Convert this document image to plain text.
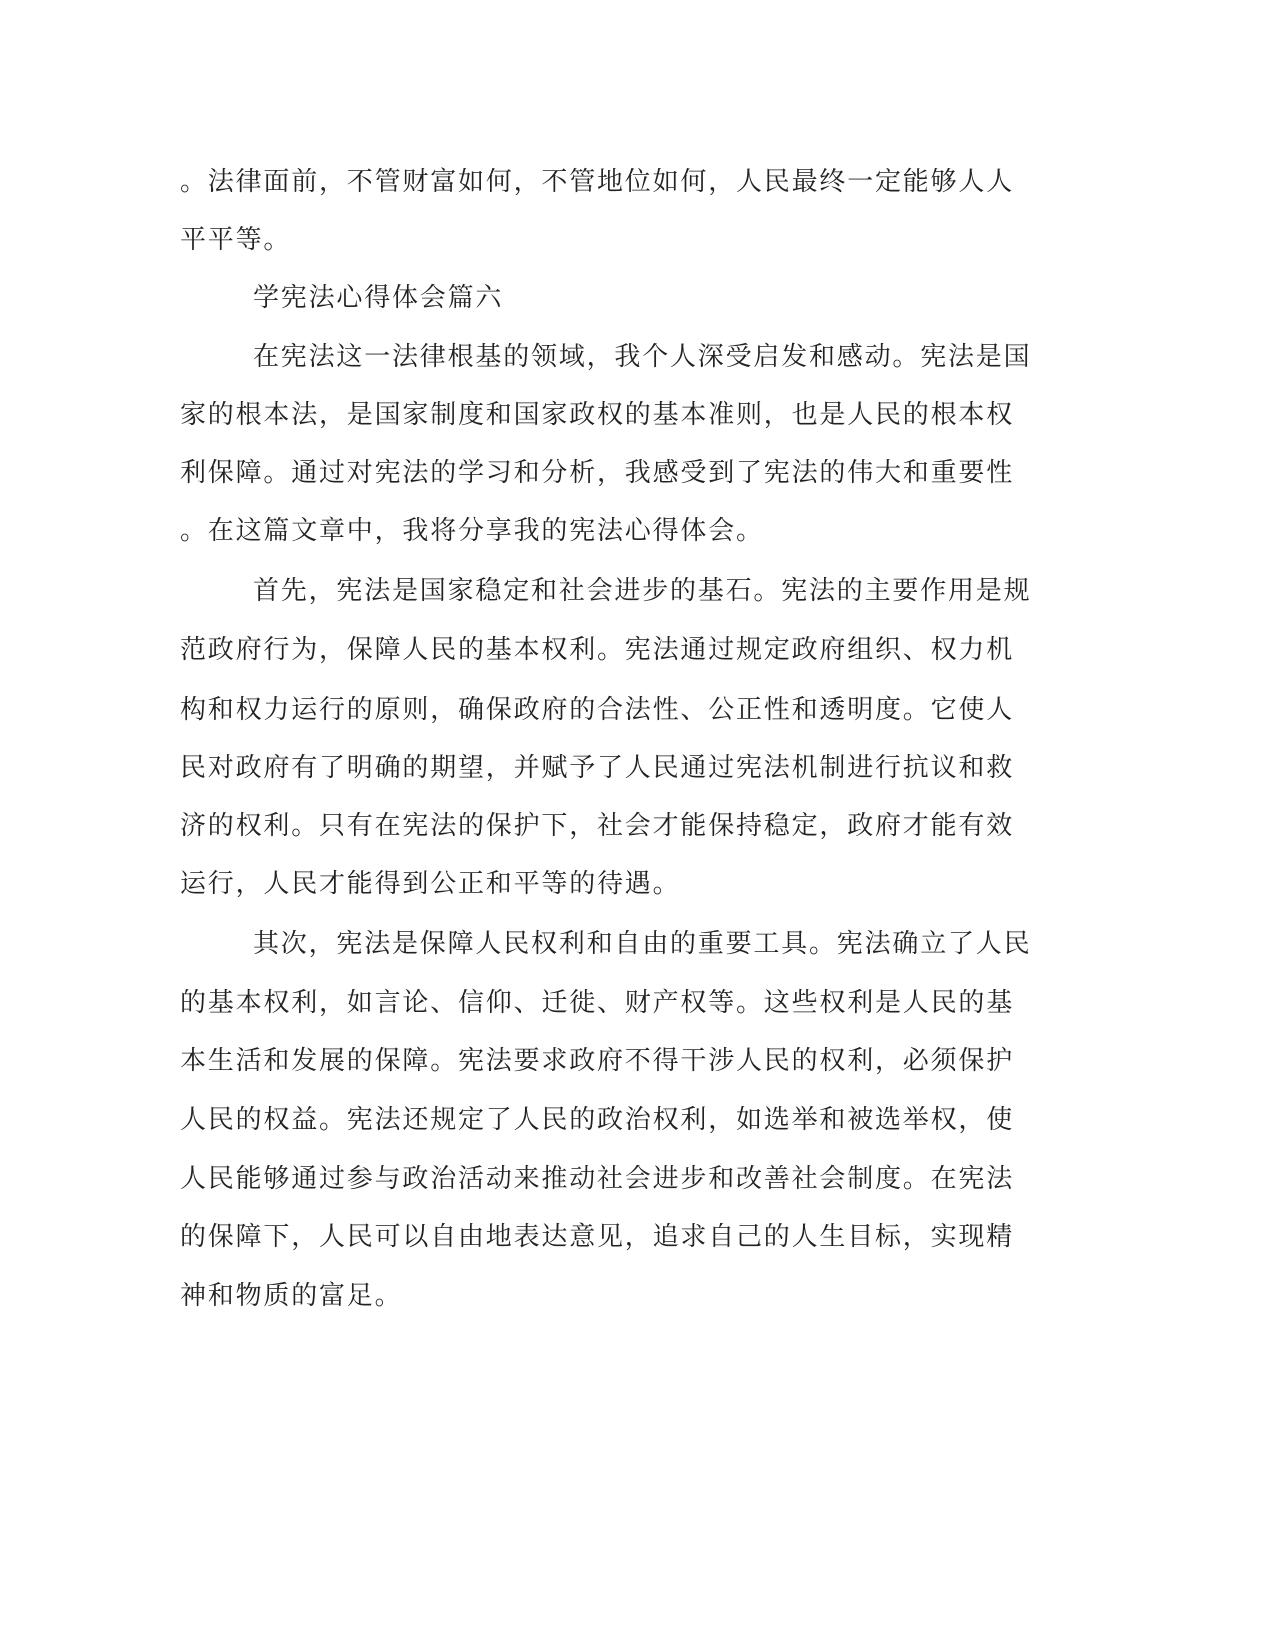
。法律面前，不管财富如何，不管地位如何，人民最终一定能够人人
平平等。
学宪法心得体会篇六
在宪法这一法律根基的领域，我个人深受启发和感动。宪法是国
家的根本法，是国家制度和国家政权的基本准则，也是人民的根本权
利保障。通过对宪法的学习和分析，我感受到了宪法的伟大和重要性
。在这篇文章中，我将分享我的宪法心得体会。
首先，宪法是国家稳定和社会进步的基石。宪法的主要作用是规
范政府行为，保障人民的基本权利。宪法通过规定政府组织、权力机
构和权力运行的原则，确保政府的合法性、公正性和透明度。它使人
民对政府有了明确的期望，并赋予了人民通过宪法机制进行抗议和救
济的权利。只有在宪法的保护下，社会才能保持稳定，政府才能有效
运行，人民才能得到公正和平等的待遇。
其次，宪法是保障人民权利和自由的重要工具。宪法确立了人民
的基本权利，如言论、信仰、迁徙、财产权等。这些权利是人民的基
本生活和发展的保障。宪法要求政府不得干涉人民的权利，必须保护
人民的权益。宪法还规定了人民的政治权利，如选举和被选举权，使
人民能够通过参与政治活动来推动社会进步和改善社会制度。在宪法
的保障下，人民可以自由地表达意见，追求自己的人生目标，实现精
神和物质的富足。
